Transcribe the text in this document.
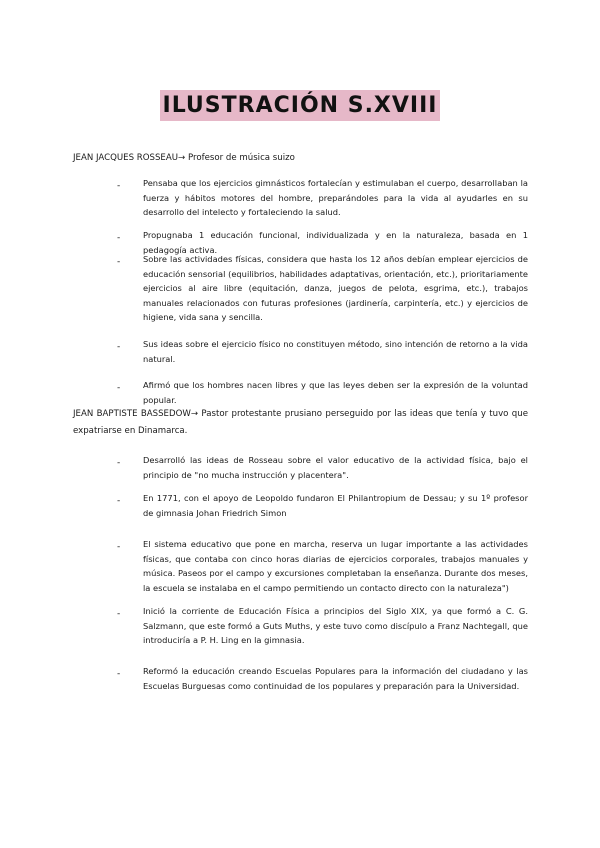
ILUSTRACIÓN S.XVIII
JEAN JACQUES ROSSEAU→ Profesor de música suizo
-	Pensaba que los ejercicios gimnásticos fortalecían y estimulaban el cuerpo, desarrollaban la fuerza y hábitos motores del hombre, preparándoles para la vida al ayudarles en su desarrollo del intelecto y fortaleciendo la salud.
-	Propugnaba 1 educación funcional, individualizada y en la naturaleza, basada en 1 pedagogía activa.
-	Sobre las actividades físicas, considera que hasta los 12 años debían emplear ejercicios de educación sensorial (equilibrios, habilidades adaptativas, orientación, etc.), prioritariamente ejercicios al aire libre (equitación, danza, juegos de pelota, esgrima, etc.), trabajos manuales relacionados con futuras profesiones (jardinería, carpintería, etc.) y ejercicios de higiene, vida sana y sencilla.
-	Sus ideas sobre el ejercicio físico no constituyen método, sino intención de retorno a la vida natural.
-	Afirmó que los hombres nacen libres y que las leyes deben ser la expresión de la voluntad popular.
JEAN BAPTISTE BASSEDOW→ Pastor protestante prusiano perseguido por las ideas que tenía y tuvo que expatriarse en Dinamarca.
-	Desarrolló las ideas de Rosseau sobre el valor educativo de la actividad física, bajo el principio de "no mucha instrucción y placentera".
-	En 1771, con el apoyo de Leopoldo fundaron El Philantropium de Dessau; y su 1º profesor de gimnasia Johan Friedrich Simon
-	El sistema educativo que pone en marcha, reserva un lugar importante a las actividades físicas, que contaba con cinco horas diarias de ejercicios corporales, trabajos manuales y música. Paseos por el campo y excursiones completaban la enseñanza. Durante dos meses, la escuela se instalaba en el campo permitiendo un contacto directo con la naturaleza")
-	Inició la corriente de Educación Física a principios del Siglo XIX, ya que formó a C. G. Salzmann, que este formó a Guts Muths, y este tuvo como discípulo a Franz Nachtegall, que introduciría a P. H. Ling en la gimnasia.
-	Reformó la educación creando Escuelas Populares para la información del ciudadano y las Escuelas Burguesas como continuidad de los populares y preparación para la Universidad.
